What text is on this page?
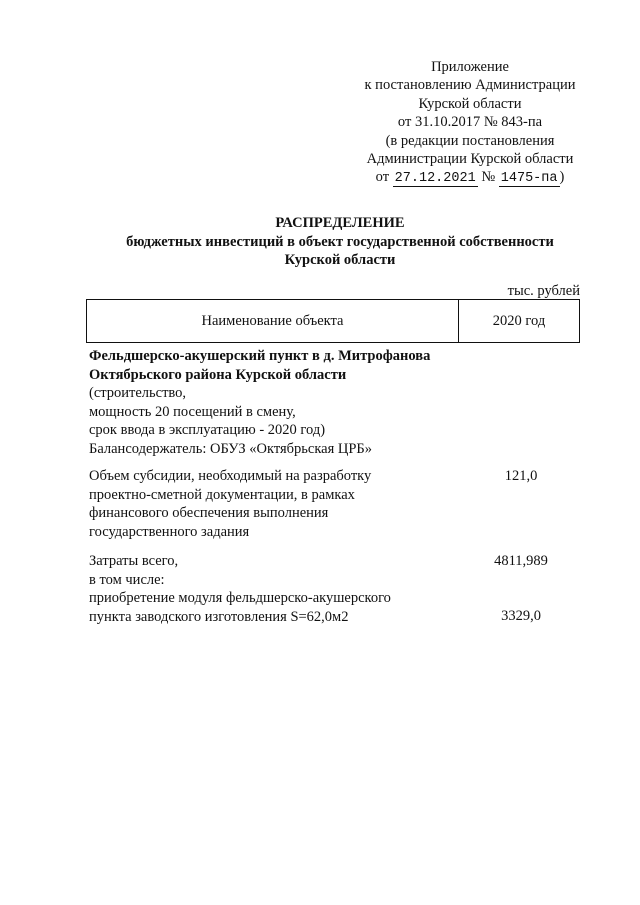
Приложение
к постановлению Администрации
Курской области
от 31.10.2017 № 843-па
(в редакции постановления
Администрации Курской области
от 27.12.2021 № 1475-па )
РАСПРЕДЕЛЕНИЕ
бюджетных инвестиций в объект государственной собственности
Курской области
тыс. рублей
Наименование объекта	2020 год
Фельдшерско-акушерский пункт в д. Митрофанова
Октябрьского района Курской области
(строительство,
мощность 20 посещений в смену,
срок ввода в эксплуатацию - 2020 год)
Балансодержатель: ОБУЗ «Октябрьская ЦРБ»
Объем субсидии, необходимый на разработку
проектно-сметной документации, в рамках
финансового обеспечения выполнения
государственного задания
121,0
Затраты всего,
в том числе:
приобретение модуля фельдшерско-акушерского
пункта заводского изготовления S=62,0м2
4811,989
3329,0
